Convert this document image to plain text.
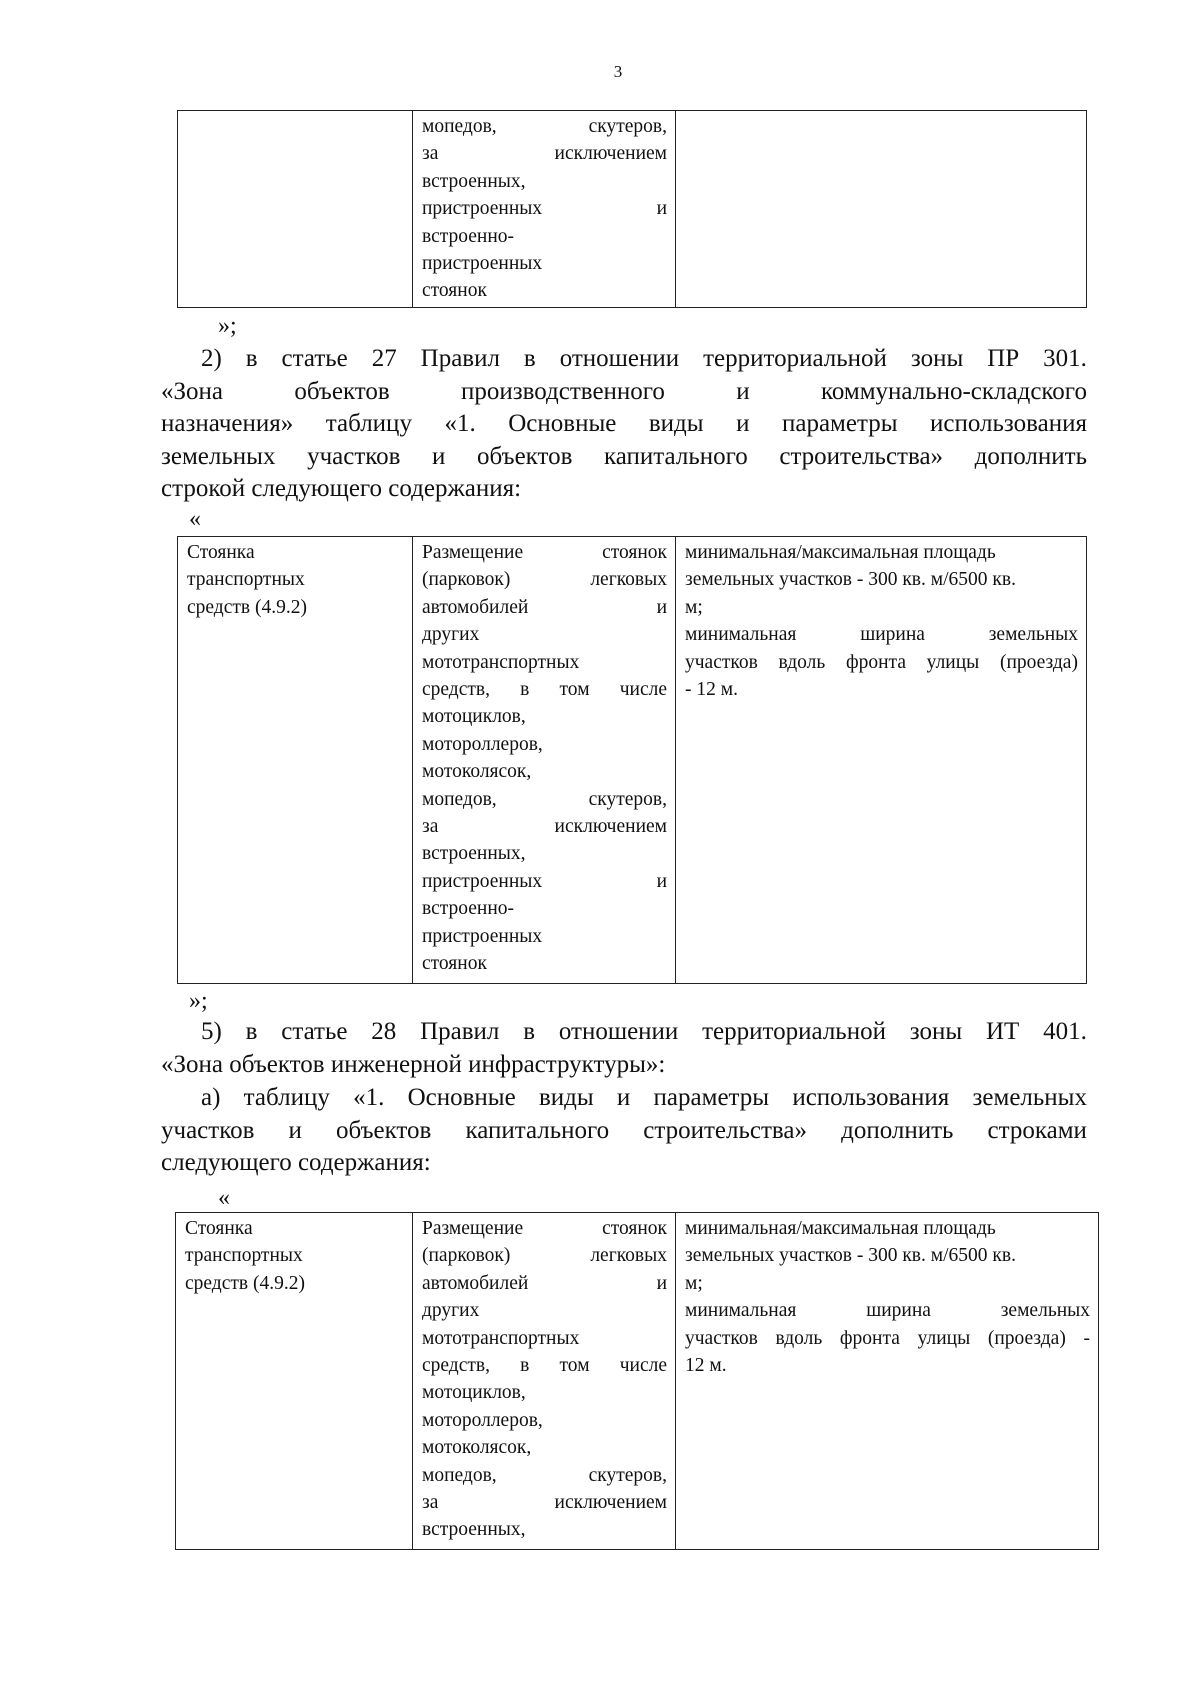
3

мопедов,	скутеров,
за	исключением
встроенных,
пристроенных	и
встроенно-
пристроенных
стоянок

»;
2) в статье 27 Правил в отношении территориальной зоны ПР 301.
«Зона	объектов	производственного	и	коммунально-складского
назначения» таблицу «1. Основные виды и параметры использования
земельных участков и объектов капитального строительства» дополнить
строкой следующего содержания:
«
Стоянка
транспортных
средств (4.9.2)

Размещение	стоянок
(парковок)	легковых
автомобилей	и
других
мототранспортных
средств, в том числе
мотоциклов,
мотороллеров,
мотоколясок,
мопедов,	скутеров,
за	исключением
встроенных,
пристроенных	и
встроенно-
пристроенных
стоянок

минимальная/максимальная площадь
земельных участков - 300 кв. м/6500 кв.
м;
минимальная	ширина	земельных
участков вдоль фронта улицы (проезда)
- 12 м.
»;
5) в статье 28 Правил в отношении территориальной зоны ИТ 401.
«Зона объектов инженерной инфраструктуры»:
а) таблицу «1. Основные виды и параметры использования земельных
участков и объектов капитального строительства» дополнить строками
следующего содержания:
«
Стоянка
транспортных
средств (4.9.2)

Размещение	стоянок
(парковок)	легковых
автомобилей	и
других
мототранспортных
средств, в том числе
мотоциклов,
мотороллеров,
мотоколясок,
мопедов,	скутеров,
за	исключением
встроенных,

минимальная/максимальная площадь
земельных участков - 300 кв. м/6500 кв.
м;
минимальная	ширина	земельных
участков вдоль фронта улицы (проезда) -
12 м.
